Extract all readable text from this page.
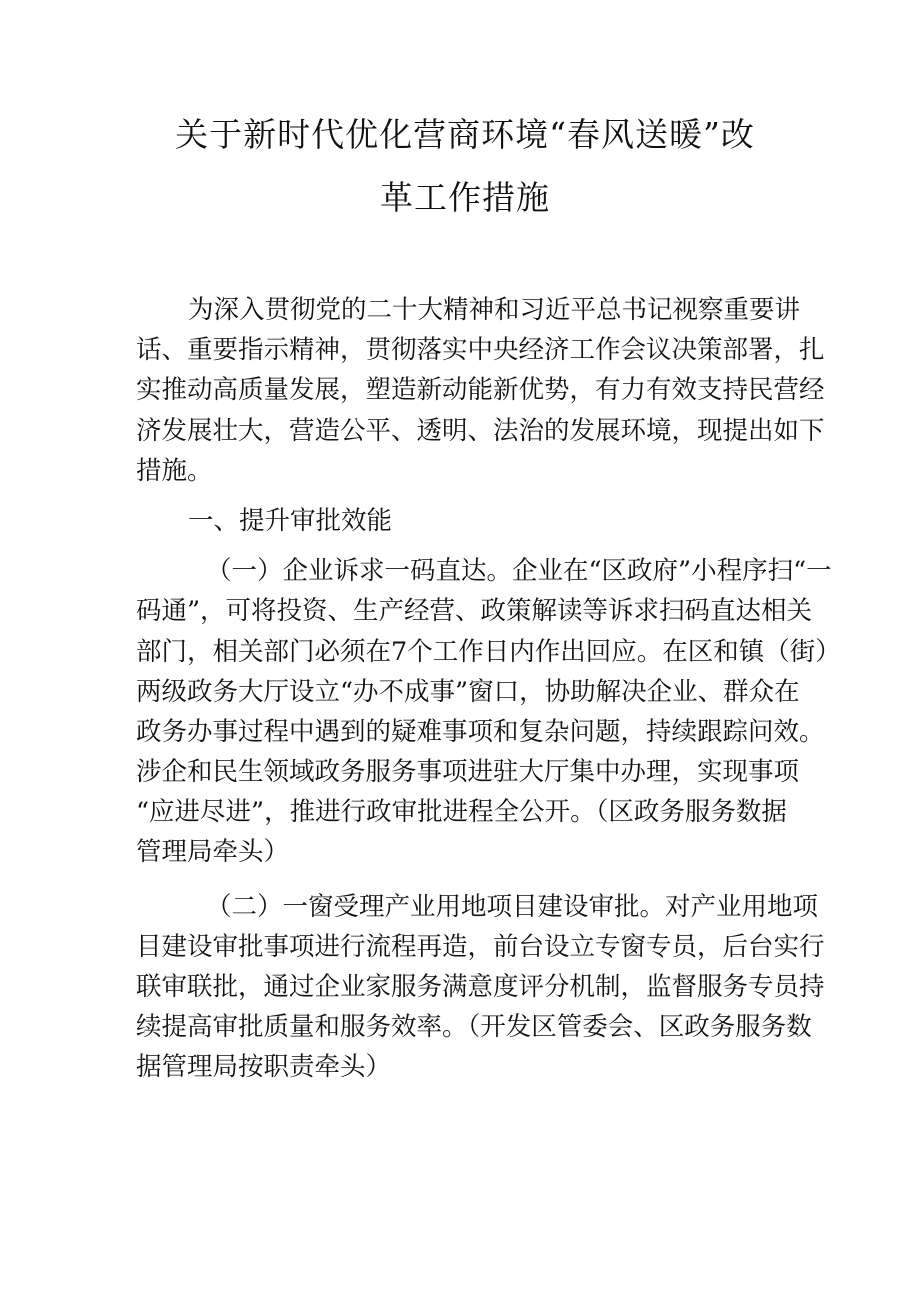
关于新时代优化营商环境“春风送暖”改
革工作措施
为深入贯彻党的二十大精神和习近平总书记视察重要讲
话、重要指示精神，贯彻落实中央经济工作会议决策部署，扎
实推动高质量发展，塑造新动能新优势，有力有效支持民营经
济发展壮大，营造公平、透明、法治的发展环境，现提出如下
措施。
一、提升审批效能
（一）企业诉求一码直达。企业在“区政府”小程序扫“一
码通”，可将投资、生产经营、政策解读等诉求扫码直达相关
部门，相关部门必须在7个工作日内作出回应。在区和镇（街）
两级政务大厅设立“办不成事”窗口，协助解决企业、群众在
政务办事过程中遇到的疑难事项和复杂问题，持续跟踪问效。
涉企和民生领域政务服务事项进驻大厅集中办理，实现事项
“应进尽进”，推进行政审批进程全公开。（区政务服务数据
管理局牵头）
（二）一窗受理产业用地项目建设审批。对产业用地项
目建设审批事项进行流程再造，前台设立专窗专员，后台实行
联审联批，通过企业家服务满意度评分机制，监督服务专员持
续提高审批质量和服务效率。（开发区管委会、区政务服务数
据管理局按职责牵头）
